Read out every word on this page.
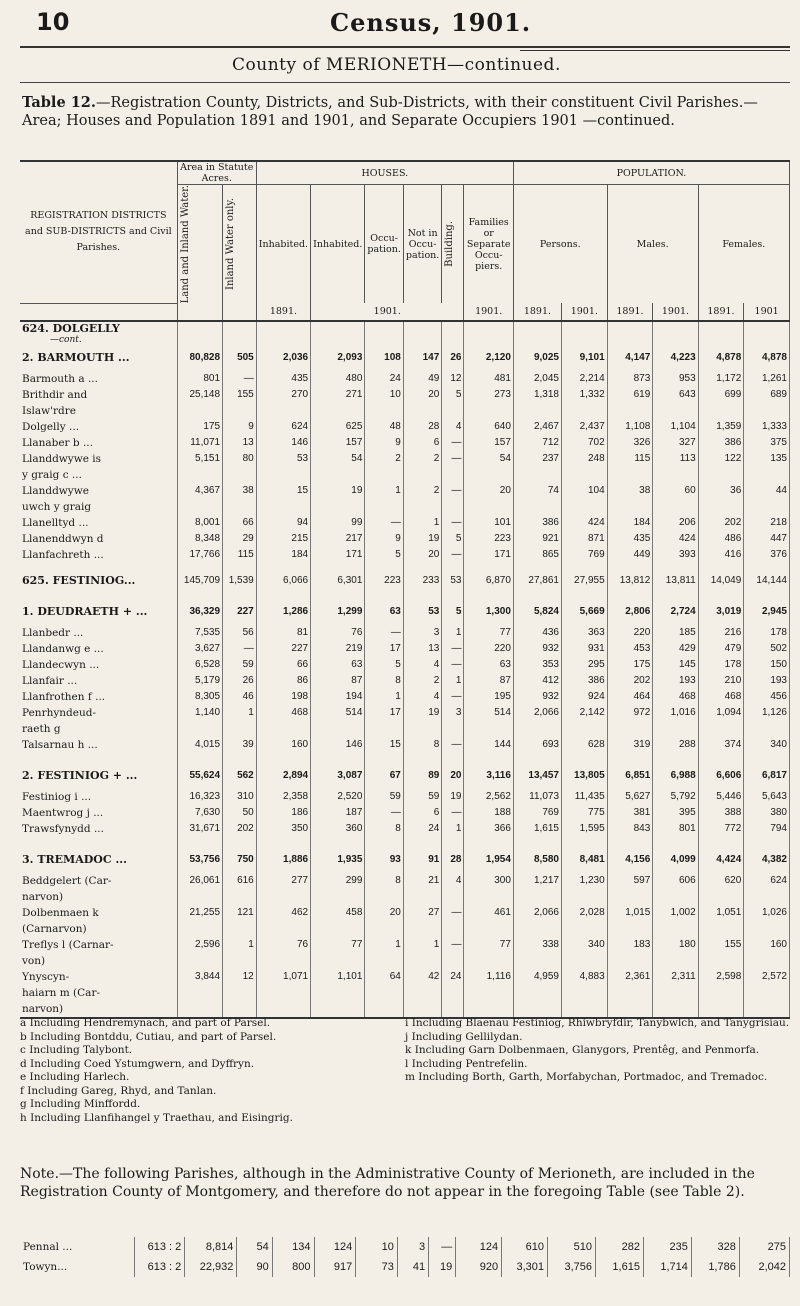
10	Census, 1901.
County of MERIONETH—continued.
Table 12.—Registration County, Districts, and Sub-Districts, with their constituent Civil Parishes.—Area; Houses and Population 1891 and 1901, and Separate Occupiers 1901 —continued.
REGISTRATION DISTRICTS and SUB-DISTRICTS and Civil Parishes.	Area in Statute Acres.		HOUSES.						POPULATION.					

	Land and Inland Water.	Inland Water only.	Inhabited.	Inhabited.	Occu-pation.	Not in Occu-pation.	Building.	Families or Separate Occu-piers.	Persons.		Males.		Females.	
			1891.	1901.				1901.	1891.	1901.	1891.	1901.	1891.	1901
624. DOLGELLY
—cont.														

2. BARMOUTH ...	80,828	505	2,036	2,093	108	147	26	2,120	9,025	9,101	4,147	4,223	4,878	4,878
Barmouth a ...	801	—	435	480	24	49	12	481	2,045	2,214	873	953	1,172	1,261
Brithdir and	25,148	155	270	271	10	20	5	273	1,318	1,332	619	643	699	689
Islaw'rdre														
Dolgelly ...	175	9	624	625	48	28	4	640	2,467	2,437	1,108	1,104	1,359	1,333
Llanaber b ...	11,071	13	146	157	9	6	—	157	712	702	326	327	386	375
Llanddwywe is	5,151	80	53	54	2	2	—	54	237	248	115	113	122	135
y graig c ...														
Llanddwywe	4,367	38	15	19	1	2	—	20	74	104	38	60	36	44
uwch y graig														
Llanelltyd ...	8,001	66	94	99	—	1	—	101	386	424	184	206	202	218
Llanenddwyn d	8,348	29	215	217	9	19	5	223	921	871	435	424	486	447
Llanfachreth ...	17,766	115	184	171	5	20	—	171	865	769	449	393	416	376

625. FESTINIOG...	145,709	1,539	6,066	6,301	223	233	53	6,870	27,861	27,955	13,812	13,811	14,049	14,144

1. DEUDRAETH + ...	36,329	227	1,286	1,299	63	53	5	1,300	5,824	5,669	2,806	2,724	3,019	2,945
Llanbedr ...	7,535	56	81	76	—	3	1	77	436	363	220	185	216	178
Llandanwg e ...	3,627	—	227	219	17	13	—	220	932	931	453	429	479	502
Llandecwyn ...	6,528	59	66	63	5	4	—	63	353	295	175	145	178	150
Llanfair ...	5,179	26	86	87	8	2	1	87	412	386	202	193	210	193
Llanfrothen f ...	8,305	46	198	194	1	4	—	195	932	924	464	468	468	456
Penrhyndeud-	1,140	1	468	514	17	19	3	514	2,066	2,142	972	1,016	1,094	1,126
raeth g														
Talsarnau h ...	4,015	39	160	146	15	8	—	144	693	628	319	288	374	340

2. FESTINIOG + ...	55,624	562	2,894	3,087	67	89	20	3,116	13,457	13,805	6,851	6,988	6,606	6,817
Festiniog i ...	16,323	310	2,358	2,520	59	59	19	2,562	11,073	11,435	5,627	5,792	5,446	5,643
Maentwrog j ...	7,630	50	186	187	—	6	—	188	769	775	381	395	388	380
Trawsfynydd ...	31,671	202	350	360	8	24	1	366	1,615	1,595	843	801	772	794

3. TREMADOC ...	53,756	750	1,886	1,935	93	91	28	1,954	8,580	8,481	4,156	4,099	4,424	4,382
Beddgelert (Car-	26,061	616	277	299	8	21	4	300	1,217	1,230	597	606	620	624
narvon)														
Dolbenmaen k	21,255	121	462	458	20	27	—	461	2,066	2,028	1,015	1,002	1,051	1,026
(Carnarvon)														
Treflys l (Carnar-	2,596	1	76	77	1	1	—	77	338	340	183	180	155	160
von)														
Ynyscyn-	3,844	12	1,071	1,101	64	42	24	1,116	4,959	4,883	2,361	2,311	2,598	2,572
haiarn m (Car-														
narvon)														
a Including Hendremynach, and part of Parsel.
b Including Bontddu, Cutiau, and part of Parsel.
c Including Talybont.
d Including Coed Ystumgwern, and Dyffryn.
e Including Harlech.
f Including Gareg, Rhyd, and Tanlan.
g Including Minffordd.
h Including Llanfihangel y Traethau, and Eisingrig.
i Including Blaenau Festiniog, Rhiwbryfdir, Tanybwlch, and Tanygrisiau.
j Including Gellilydan.
k Including Garn Dolbenmaen, Glanygors, Prentêg, and Penmorfa.
l Including Pentrefelin.
m Including Borth, Garth, Morfabychan, Portmadoc, and Tremadoc.
Note.—The following Parishes, although in the Administrative County of Merioneth, are included in the Registration County of Montgomery, and therefore do not appear in the foregoing Table (see Table 2).
Pennal ...	613 : 2	8,814	54	134	124	10	3	—	124	610	510	282	235	328	275
Towyn...	613 : 2	22,932	90	800	917	73	41	19	920	3,301	3,756	1,615	1,714	1,786	2,042
